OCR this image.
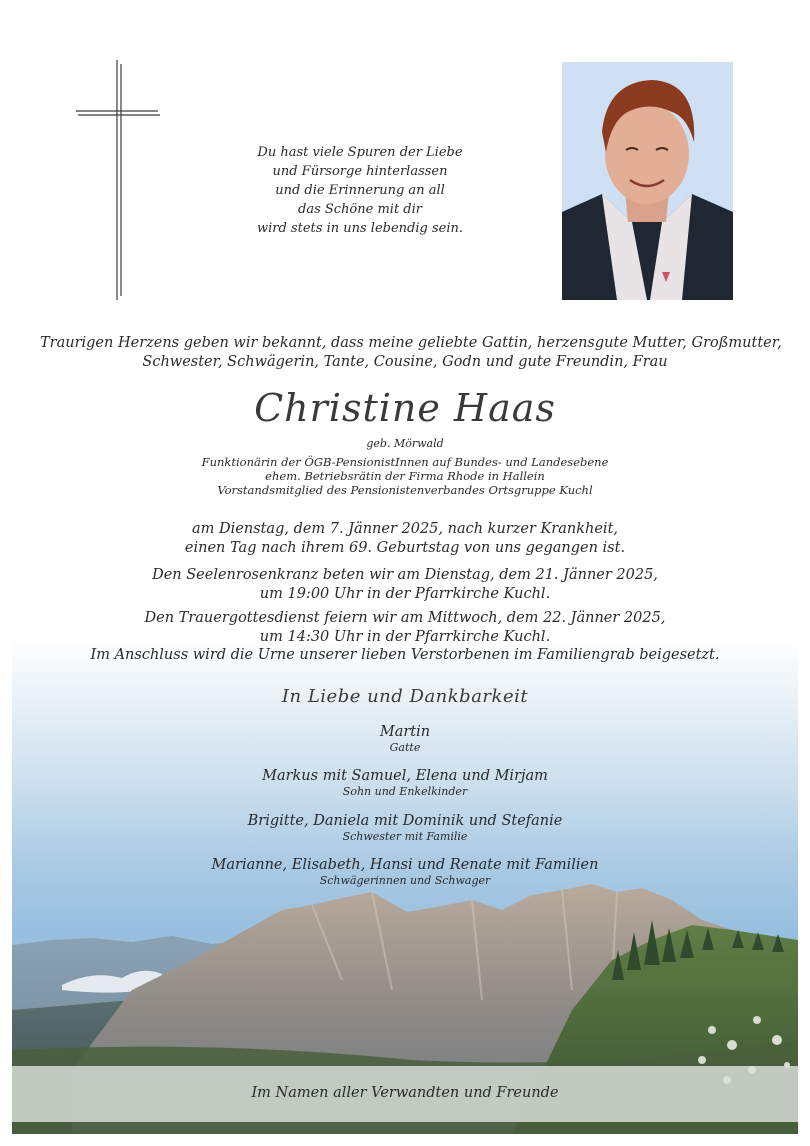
Du hast viele Spuren der Liebe
und Fürsorge hinterlassen
und die Erinnerung an all
das Schöne mit dir
wird stets in uns lebendig sein.
Traurigen Herzens geben wir bekannt, dass meine geliebte Gattin, herzensgute Mutter, Großmutter,
Schwester, Schwägerin, Tante, Cousine, Godn und gute Freundin, Frau
Christine Haas
geb. Mörwald
Funktionärin der ÖGB-PensionistInnen auf Bundes- und Landesebene
ehem. Betriebsrätin der Firma Rhode in Hallein
Vorstandsmitglied des Pensionistenverbandes Ortsgruppe Kuchl
am Dienstag, dem 7. Jänner 2025, nach kurzer Krankheit,
einen Tag nach ihrem 69. Geburtstag von uns gegangen ist.
Den Seelenrosenkranz beten wir am Dienstag, dem 21. Jänner 2025,
um 19:00 Uhr in der Pfarrkirche Kuchl.
Den Trauergottesdienst feiern wir am Mittwoch, dem 22. Jänner 2025,
um 14:30 Uhr in der Pfarrkirche Kuchl.
Im Anschluss wird die Urne unserer lieben Verstorbenen im Familiengrab beigesetzt.
In Liebe und Dankbarkeit
Martin
Gatte
Markus mit Samuel, Elena und Mirjam
Sohn und Enkelkinder
Brigitte, Daniela mit Dominik und Stefanie
Schwester mit Familie
Marianne, Elisabeth, Hansi und Renate mit Familien
Schwägerinnen und Schwager
Im Namen aller Verwandten und Freunde
